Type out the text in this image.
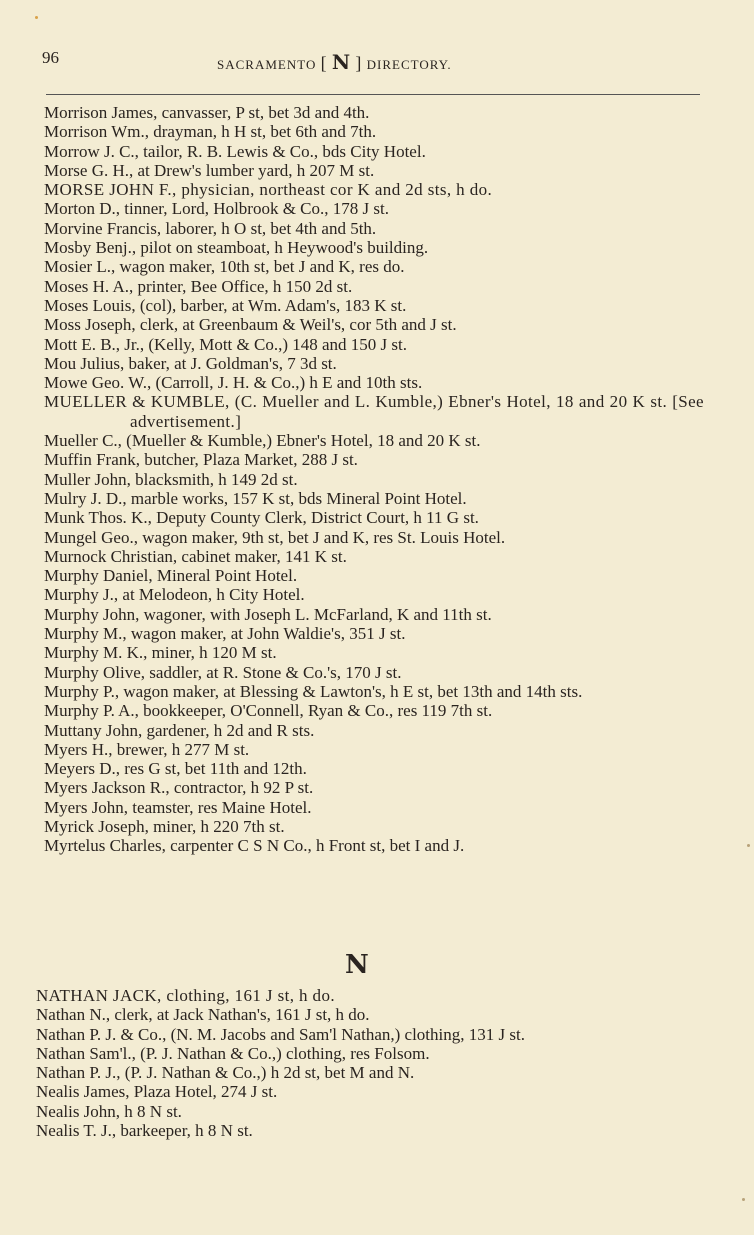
96	SACRAMENTO [ N ] DIRECTORY.
Morrison James, canvasser, P st, bet 3d and 4th.
Morrison Wm., drayman, h H st, bet 6th and 7th.
Morrow J. C., tailor, R. B. Lewis & Co., bds City Hotel.
Morse G. H., at Drew's lumber yard, h 207 M st.
MORSE JOHN F., physician, northeast cor K and 2d sts, h do.
Morton D., tinner, Lord, Holbrook & Co., 178 J st.
Morvine Francis, laborer, h O st, bet 4th and 5th.
Mosby Benj., pilot on steamboat, h Heywood's building.
Mosier L., wagon maker, 10th st, bet J and K, res do.
Moses H. A., printer, Bee Office, h 150 2d st.
Moses Louis, (col), barber, at Wm. Adam's, 183 K st.
Moss Joseph, clerk, at Greenbaum & Weil's, cor 5th and J st.
Mott E. B., Jr., (Kelly, Mott & Co.,) 148 and 150 J st.
Mou Julius, baker, at J. Goldman's, 7 3d st.
Mowe Geo. W., (Carroll, J. H. & Co.,) h E and 10th sts.
MUELLER & KUMBLE, (C. Mueller and L. Kumble,) Ebner's Hotel, 18 and 20 K st. [See advertisement.]
Mueller C., (Mueller & Kumble,) Ebner's Hotel, 18 and 20 K st.
Muffin Frank, butcher, Plaza Market, 288 J st.
Muller John, blacksmith, h 149 2d st.
Mulry J. D., marble works, 157 K st, bds Mineral Point Hotel.
Munk Thos. K., Deputy County Clerk, District Court, h 11 G st.
Mungel Geo., wagon maker, 9th st, bet J and K, res St. Louis Hotel.
Murnock Christian, cabinet maker, 141 K st.
Murphy Daniel, Mineral Point Hotel.
Murphy J., at Melodeon, h City Hotel.
Murphy John, wagoner, with Joseph L. McFarland, K and 11th st.
Murphy M., wagon maker, at John Waldie's, 351 J st.
Murphy M. K., miner, h 120 M st.
Murphy Olive, saddler, at R. Stone & Co.'s, 170 J st.
Murphy P., wagon maker, at Blessing & Lawton's, h E st, bet 13th and 14th sts.
Murphy P. A., bookkeeper, O'Connell, Ryan & Co., res 119 7th st.
Muttany John, gardener, h 2d and R sts.
Myers H., brewer, h 277 M st.
Meyers D., res G st, bet 11th and 12th.
Myers Jackson R., contractor, h 92 P st.
Myers John, teamster, res Maine Hotel.
Myrick Joseph, miner, h 220 7th st.
Myrtelus Charles, carpenter C S N Co., h Front st, bet I and J.
N
NATHAN JACK, clothing, 161 J st, h do.
Nathan N., clerk, at Jack Nathan's, 161 J st, h do.
Nathan P. J. & Co., (N. M. Jacobs and Sam'l Nathan,) clothing, 131 J st.
Nathan Sam'l., (P. J. Nathan & Co.,) clothing, res Folsom.
Nathan P. J., (P. J. Nathan & Co.,) h 2d st, bet M and N.
Nealis James, Plaza Hotel, 274 J st.
Nealis John, h 8 N st.
Nealis T. J., barkeeper, h 8 N st.
